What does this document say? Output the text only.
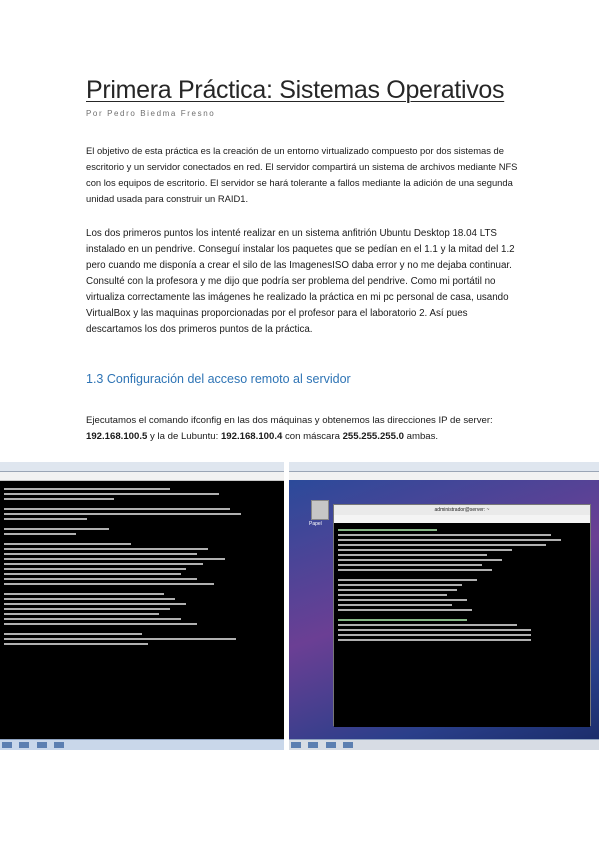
Primera Práctica: Sistemas Operativos
Por Pedro Biedma Fresno

El objetivo de esta práctica es la creación de un entorno virtualizado compuesto por dos sistemas de escritorio y un servidor conectados en red. El servidor compartirá un sistema de archivos mediante NFS con los equipos de escritorio. El servidor se hará tolerante a fallos mediante la adición de una segunda unidad usada para construir un RAID1.

Los dos primeros puntos los intenté realizar en un sistema anfitrión Ubuntu Desktop 18.04 LTS instalado en un pendrive. Conseguí instalar los paquetes que se pedían en el 1.1 y la mitad del 1.2 pero cuando me disponía a crear el silo de las ImagenesISO daba error y no me dejaba continuar. Consulté con la profesora y me dijo que podría ser problema del pendrive. Como mi portátil no virtualiza correctamente las imágenes he realizado la práctica en mi pc personal de casa, usando VirtualBox y las maquinas proporcionadas por el profesor para el laboratorio 2. Así pues descartamos los dos primeros puntos de la práctica.

1.3 Configuración del acceso remoto al servidor

Ejecutamos el comando ifconfig en las dos máquinas y obtenemos las direcciones IP de server: 192.168.100.5 y la de Lubuntu: 192.168.100.4 con máscara 255.255.255.0 ambas.

Papel
administrador@server: ~
